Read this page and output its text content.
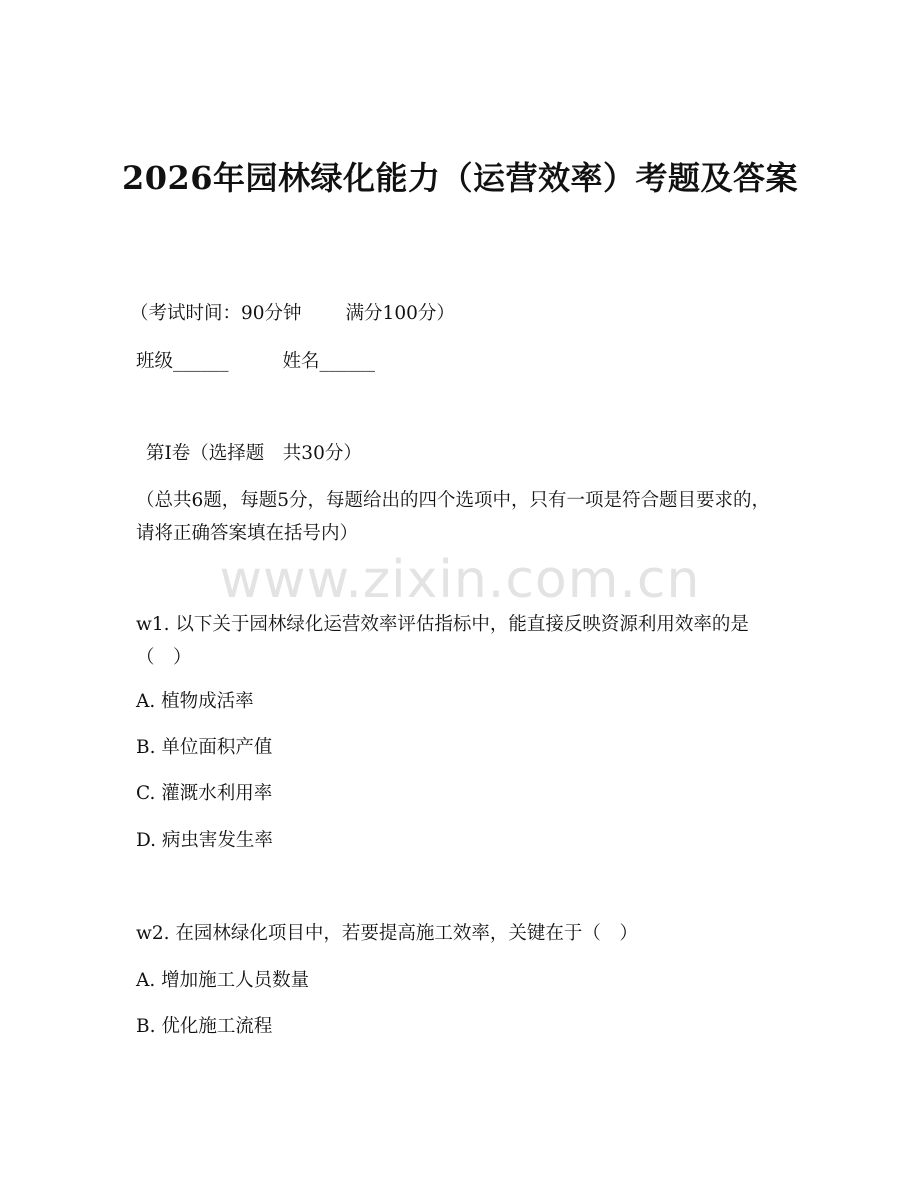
2026年园林绿化能力（运营效率）考题及答案
（考试时间：90分钟 满分100分）
班级______	姓名______
第Ⅰ卷（选择题　共30分）
（总共6题，每题5分，每题给出的四个选项中，只有一项是符合题目要求的，请将正确答案填在括号内）
www.zixin.com.cn
w1. 以下关于园林绿化运营效率评估指标中，能直接反映资源利用效率的是（　）
A. 植物成活率
B. 单位面积产值
C. 灌溉水利用率
D. 病虫害发生率
w2. 在园林绿化项目中，若要提高施工效率，关键在于（　）
A. 增加施工人员数量
B. 优化施工流程
